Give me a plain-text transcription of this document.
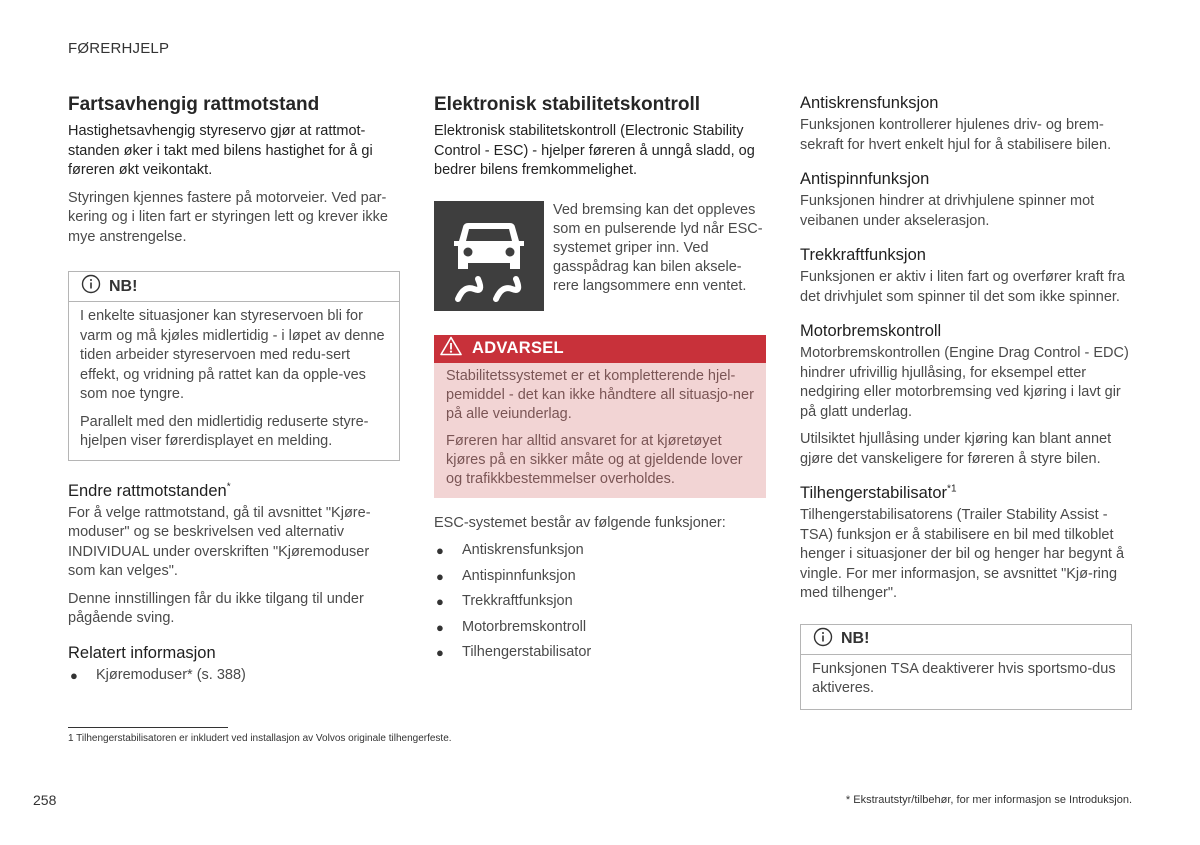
FØRERHJELP
Fartsavhengig rattmotstand
Hastighetsavhengig styreservo gjør at rattmot-standen øker i takt med bilens hastighet for å gi føreren økt veikontakt.

Styringen kjennes fastere på motorveier. Ved par-kering og i liten fart er styringen lett og krever ikke mye anstrengelse.

NB!

I enkelte situasjoner kan styreservoen bli for varm og må kjøles midlertidig - i løpet av denne tiden arbeider styreservoen med redu-sert effekt, og vridning på rattet kan da opple-ves som noe tyngre.

Parallelt med den midlertidig reduserte styre-hjelpen viser førerdisplayet en melding.

Endre rattmotstanden*

For å velge rattmotstand, gå til avsnittet "Kjøre-moduser" og se beskrivelsen ved alternativ INDIVIDUAL under overskriften "Kjøremoduser som kan velges".

Denne innstillingen får du ikke tilgang til under pågående sving.

Relatert informasjon
● Kjøremoduser* (s. 388)
Elektronisk stabilitetskontroll
Elektronisk stabilitetskontroll (Electronic Stability Control - ESC) - hjelper føreren å unngå sladd, og bedrer bilens fremkommelighet.

Ved bremsing kan det oppleves som en pulserende lyd når ESC-systemet griper inn. Ved gasspådrag kan bilen aksele-rere langsommere enn ventet.

ADVARSEL

Stabilitetssystemet er et kompletterende hjel-pemiddel - det kan ikke håndtere all situasjo-ner på alle veiunderlag.

Føreren har alltid ansvaret for at kjøretøyet kjøres på en sikker måte og at gjeldende lover og trafikkbestemmelser overholdes.

ESC-systemet består av følgende funksjoner:

● Antiskrensfunksjon
● Antispinnfunksjon
● Trekkraftfunksjon
● Motorbremskontroll
● Tilhengerstabilisator
Antiskrensfunksjon

Funksjonen kontrollerer hjulenes driv- og brem-sekraft for hvert enkelt hjul for å stabilisere bilen.

Antispinnfunksjon

Funksjonen hindrer at drivhjulene spinner mot veibanen under akselerasjon.

Trekkraftfunksjon

Funksjonen er aktiv i liten fart og overfører kraft fra det drivhjulet som spinner til det som ikke spinner.

Motorbremskontroll

Motorbremskontrollen (Engine Drag Control - EDC) hindrer ufrivillig hjullåsing, for eksempel etter nedgiring eller motorbremsing ved kjøring i lavt gir på glatt underlag.

Utilsiktet hjullåsing under kjøring kan blant annet gjøre det vanskeligere for føreren å styre bilen.

Tilhengerstabilisator$^{*1}$

Tilhengerstabilisatorens (Trailer Stability Assist - TSA) funksjon er å stabilisere en bil med tilkoblet henger i situasjoner der bil og henger har begynt å vingle. For mer informasjon, se avsnittet "Kjø-ring med tilhenger".

NB!

Funksjonen TSA deaktiverer hvis sportsmo-dus aktiveres.

1 Tilhengerstabilisatoren er inkludert ved installasjon av Volvos originale tilhengerfeste.
258	* Ekstrautstyr/tilbehør, for mer informasjon se Introduksjon.
